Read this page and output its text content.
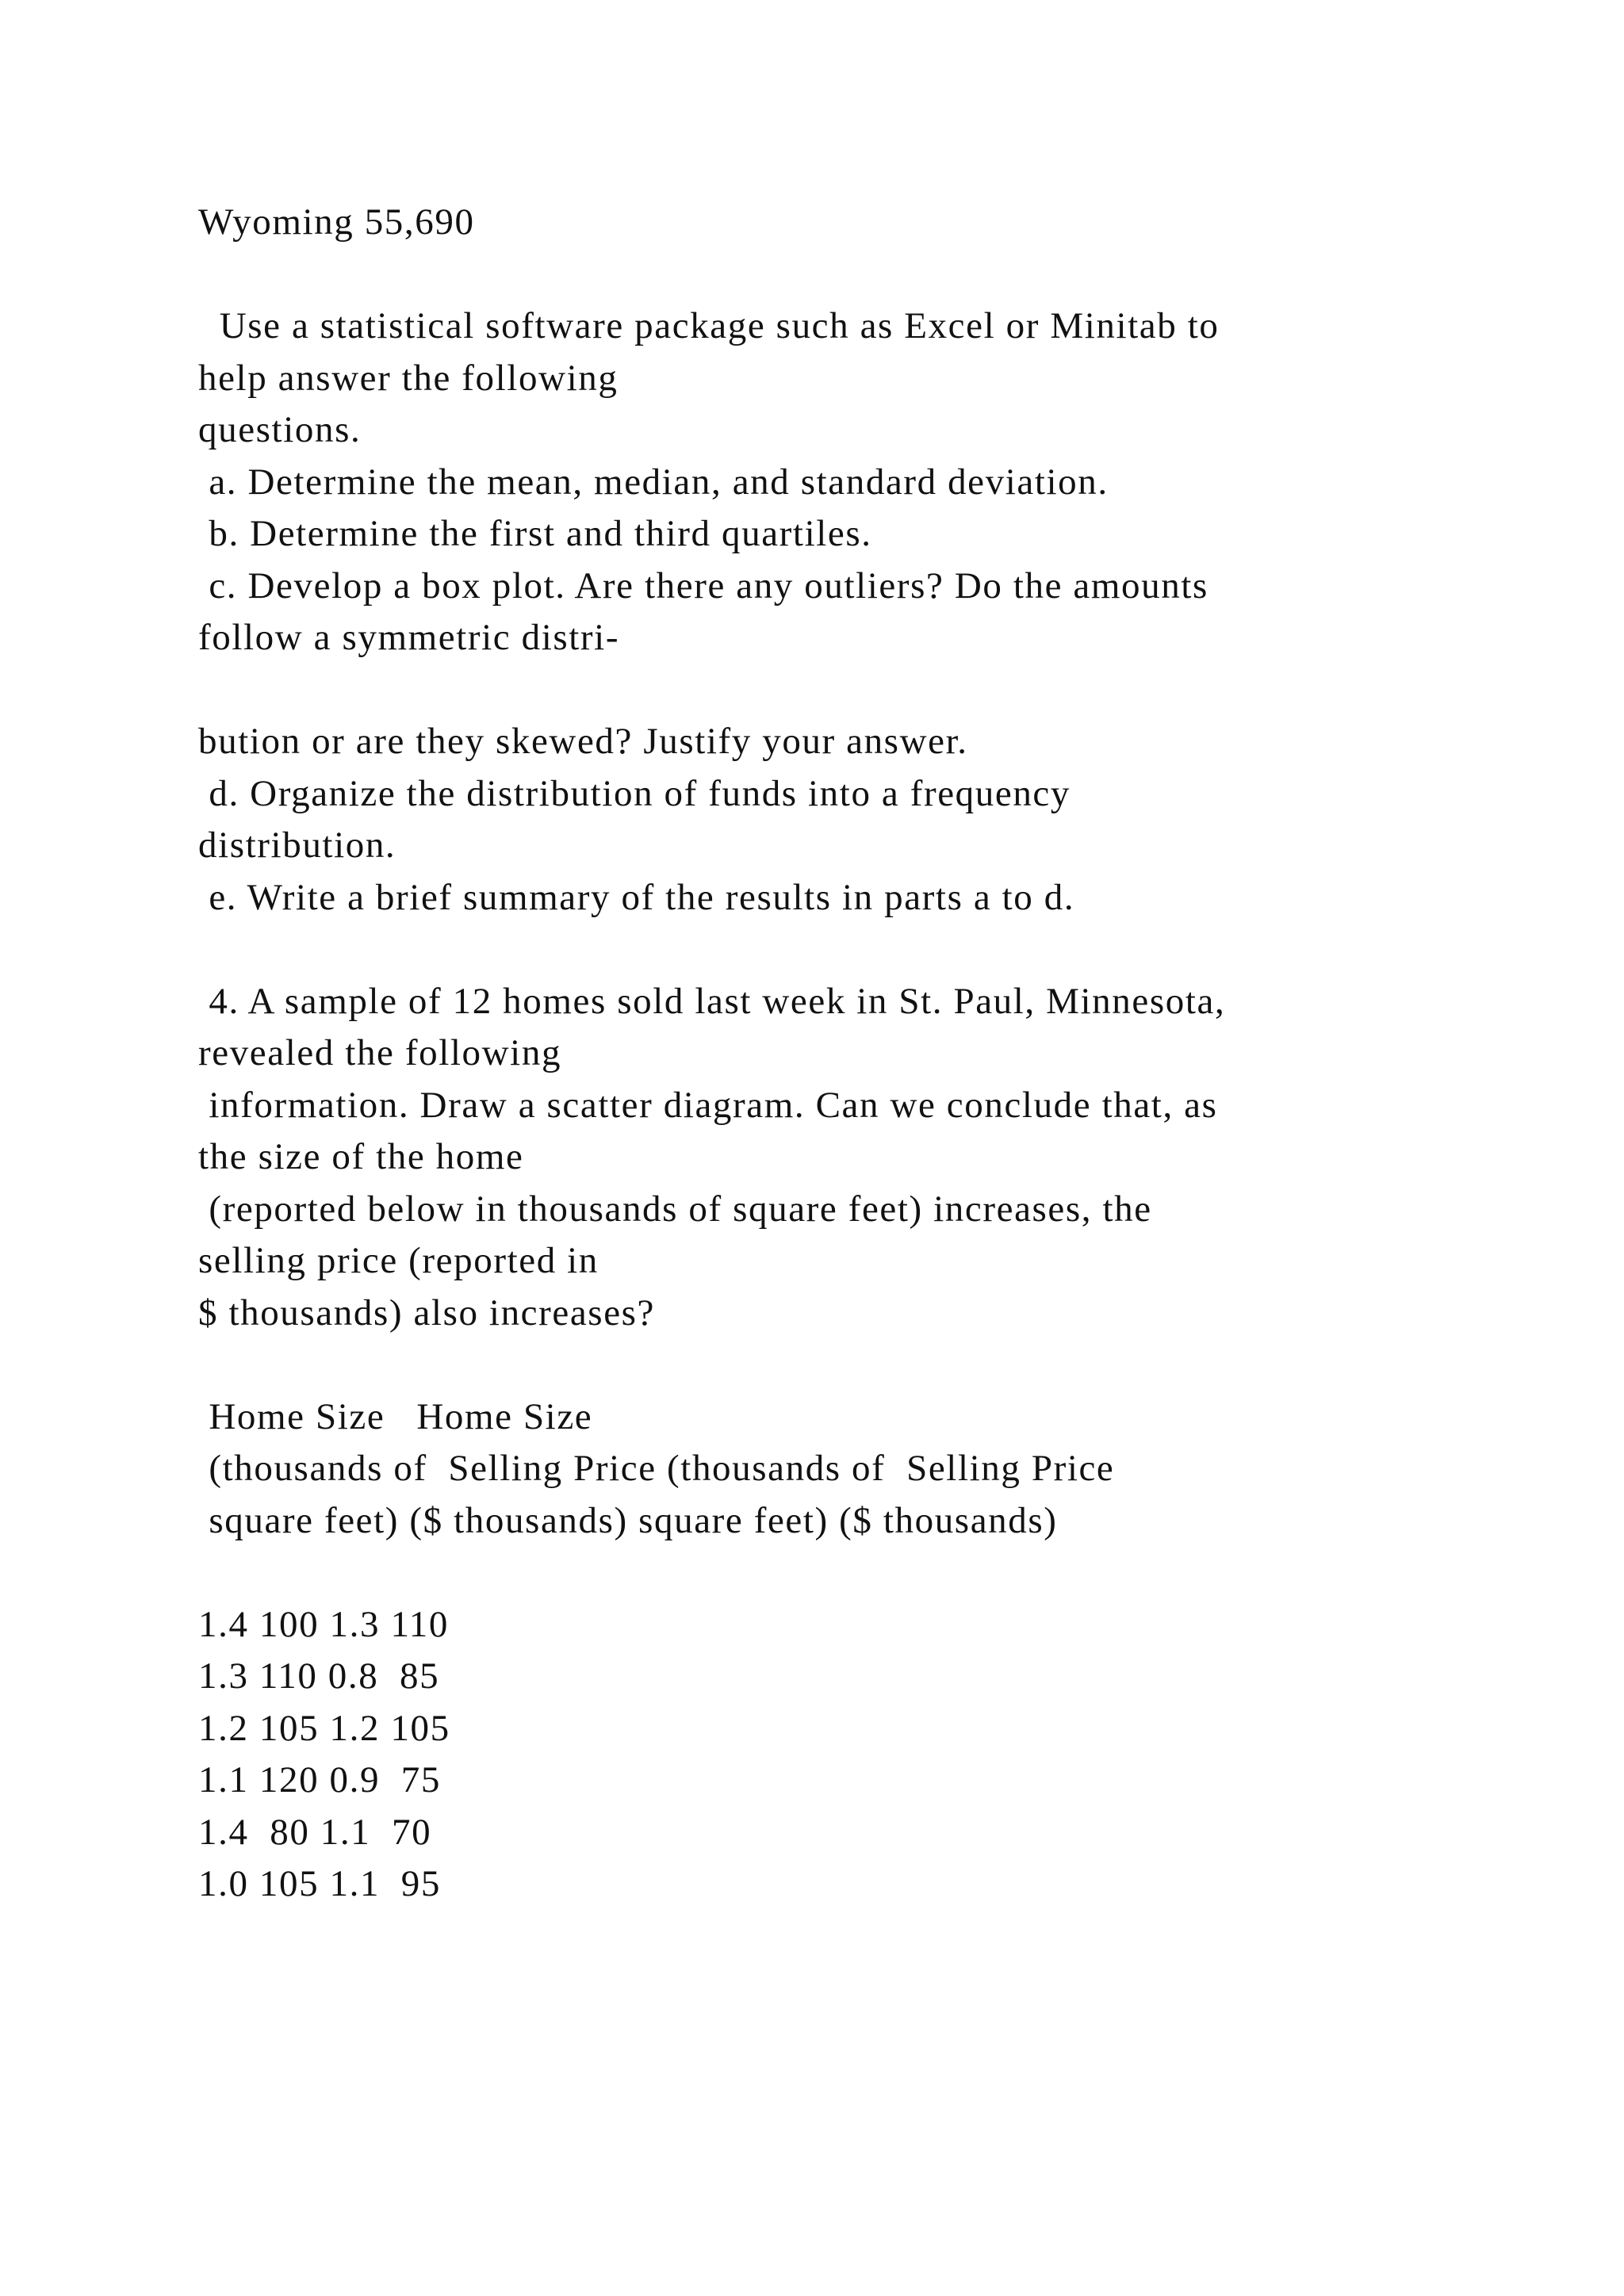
Wyoming 55,690
Use a statistical software package such as Excel or Minitab to
help answer the following
questions.
a. Determine the mean, median, and standard deviation.
b. Determine the first and third quartiles.
c. Develop a box plot. Are there any outliers? Do the amounts
follow a symmetric distri-
bution or are they skewed? Justify your answer.
d. Organize the distribution of funds into a frequency
distribution.
e. Write a brief summary of the results in parts a to d.
4. A sample of 12 homes sold last week in St. Paul, Minnesota,
revealed the following
information. Draw a scatter diagram. Can we conclude that, as
the size of the home
(reported below in thousands of square feet) increases, the
selling price (reported in
$ thousands) also increases?
Home Size   Home Size
(thousands of  Selling Price (thousands of  Selling Price
square feet) ($ thousands) square feet) ($ thousands)
1.4 100 1.3 110
1.3 110 0.8  85
1.2 105 1.2 105
1.1 120 0.9  75
1.4  80 1.1  70
1.0 105 1.1  95
